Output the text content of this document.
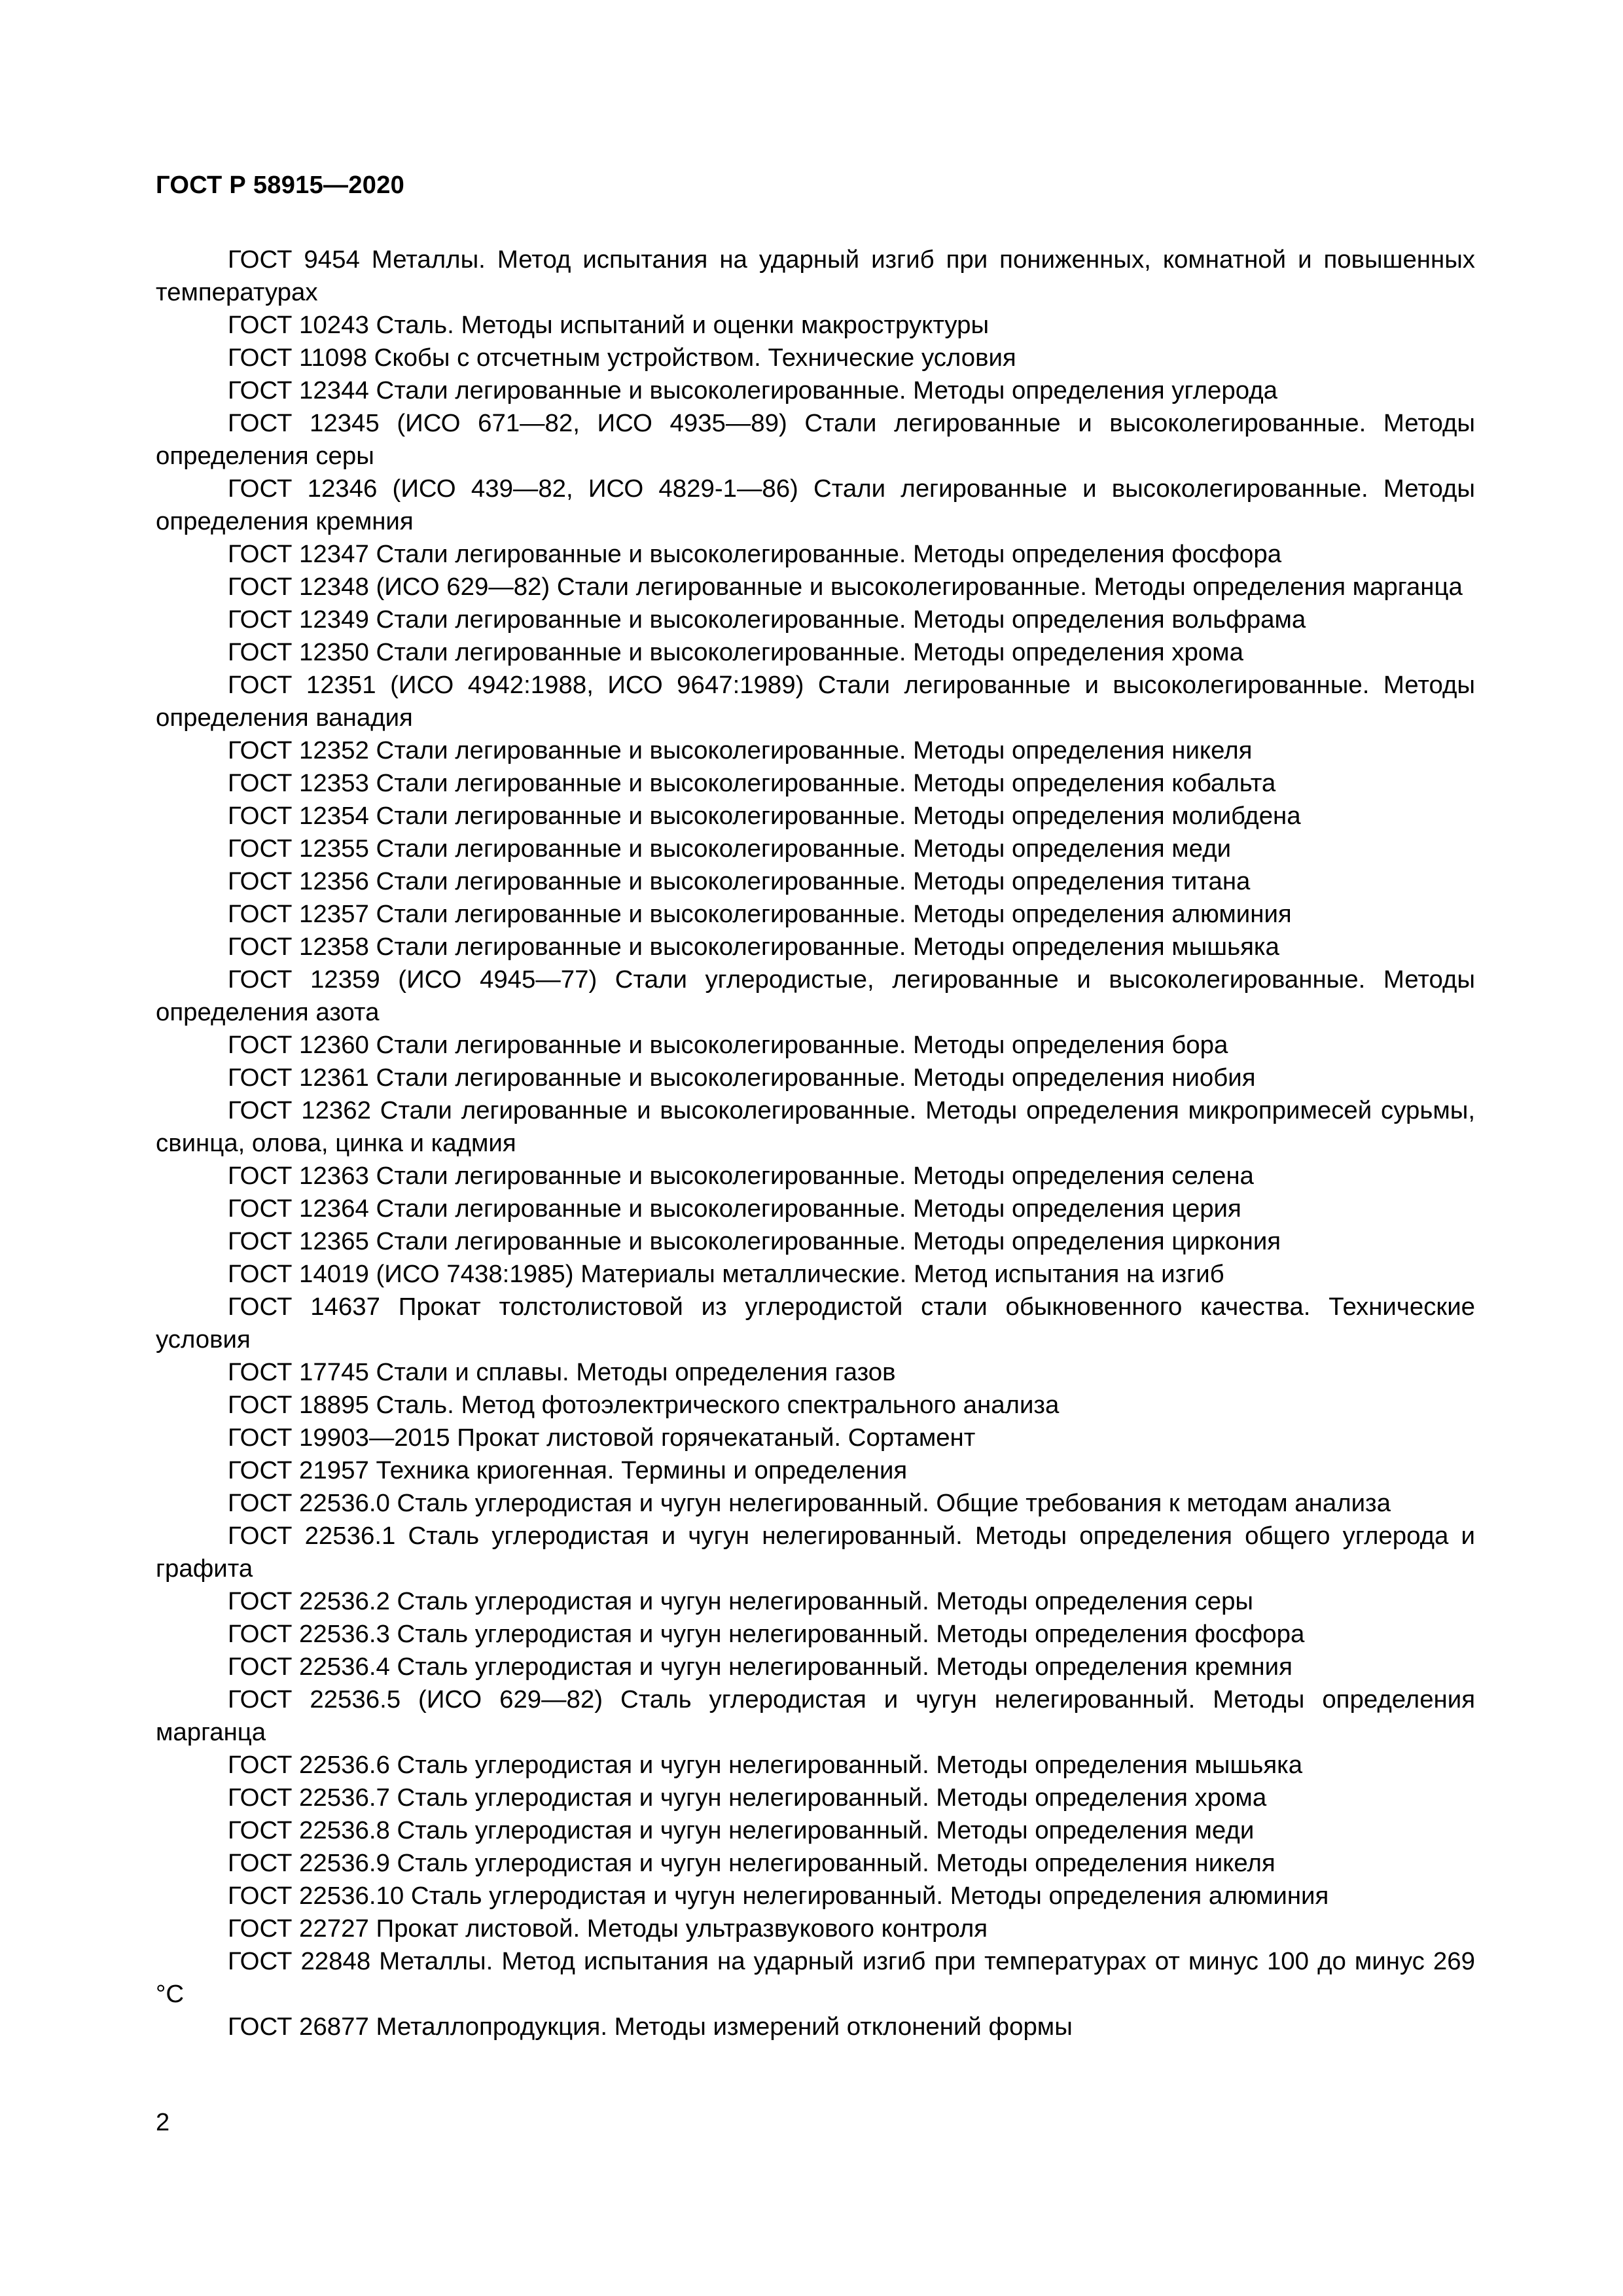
ГОСТ Р 58915—2020
ГОСТ 9454 Металлы. Метод испытания на ударный изгиб при пониженных, комнатной и повышенных температурах
ГОСТ 10243 Сталь. Методы испытаний и оценки макроструктуры
ГОСТ 11098 Скобы с отсчетным устройством. Технические условия
ГОСТ 12344 Стали легированные и высоколегированные. Методы определения углерода
ГОСТ 12345 (ИСО 671—82, ИСО 4935—89) Стали легированные и высоколегированные. Методы определения серы
ГОСТ 12346 (ИСО 439—82, ИСО 4829-1—86) Стали легированные и высоколегированные. Методы определения кремния
ГОСТ 12347 Стали легированные и высоколегированные. Методы определения фосфора
ГОСТ 12348 (ИСО 629—82) Стали легированные и высоколегированные. Методы определения марганца
ГОСТ 12349 Стали легированные и высоколегированные. Методы определения вольфрама
ГОСТ 12350 Стали легированные и высоколегированные. Методы определения хрома
ГОСТ 12351 (ИСО 4942:1988, ИСО 9647:1989) Стали легированные и высоколегированные. Методы определения ванадия
ГОСТ 12352 Стали легированные и высоколегированные. Методы определения никеля
ГОСТ 12353 Стали легированные и высоколегированные. Методы определения кобальта
ГОСТ 12354 Стали легированные и высоколегированные. Методы определения молибдена
ГОСТ 12355 Стали легированные и высоколегированные. Методы определения меди
ГОСТ 12356 Стали легированные и высоколегированные. Методы определения титана
ГОСТ 12357 Стали легированные и высоколегированные. Методы определения алюминия
ГОСТ 12358 Стали легированные и высоколегированные. Методы определения мышьяка
ГОСТ 12359 (ИСО 4945—77) Стали углеродистые, легированные и высоколегированные. Методы определения азота
ГОСТ 12360 Стали легированные и высоколегированные. Методы определения бора
ГОСТ 12361 Стали легированные и высоколегированные. Методы определения ниобия
ГОСТ 12362 Стали легированные и высоколегированные. Методы определения микропримесей сурьмы, свинца, олова, цинка и кадмия
ГОСТ 12363 Стали легированные и высоколегированные. Методы определения селена
ГОСТ 12364 Стали легированные и высоколегированные. Методы определения церия
ГОСТ 12365 Стали легированные и высоколегированные. Методы определения циркония
ГОСТ 14019 (ИСО 7438:1985) Материалы металлические. Метод испытания на изгиб
ГОСТ 14637 Прокат толстолистовой из углеродистой стали обыкновенного качества. Технические условия
ГОСТ 17745 Стали и сплавы. Методы определения газов
ГОСТ 18895 Сталь. Метод фотоэлектрического спектрального анализа
ГОСТ 19903—2015 Прокат листовой горячекатаный. Сортамент
ГОСТ 21957 Техника криогенная. Термины и определения
ГОСТ 22536.0 Сталь углеродистая и чугун нелегированный. Общие требования к методам анализа
ГОСТ 22536.1 Сталь углеродистая и чугун нелегированный. Методы определения общего углерода и графита
ГОСТ 22536.2 Сталь углеродистая и чугун нелегированный. Методы определения серы
ГОСТ 22536.3 Сталь углеродистая и чугун нелегированный. Методы определения фосфора
ГОСТ 22536.4 Сталь углеродистая и чугун нелегированный. Методы определения кремния
ГОСТ 22536.5 (ИСО 629—82) Сталь углеродистая и чугун нелегированный. Методы определения марганца
ГОСТ 22536.6 Сталь углеродистая и чугун нелегированный. Методы определения мышьяка
ГОСТ 22536.7 Сталь углеродистая и чугун нелегированный. Методы определения хрома
ГОСТ 22536.8 Сталь углеродистая и чугун нелегированный. Методы определения меди
ГОСТ 22536.9 Сталь углеродистая и чугун нелегированный. Методы определения никеля
ГОСТ 22536.10 Сталь углеродистая и чугун нелегированный. Методы определения алюминия
ГОСТ 22727 Прокат листовой. Методы ультразвукового контроля
ГОСТ 22848 Металлы. Метод испытания на ударный изгиб при температурах от минус 100 до минус 269 °С
ГОСТ 26877 Металлопродукция. Методы измерений отклонений формы
2
